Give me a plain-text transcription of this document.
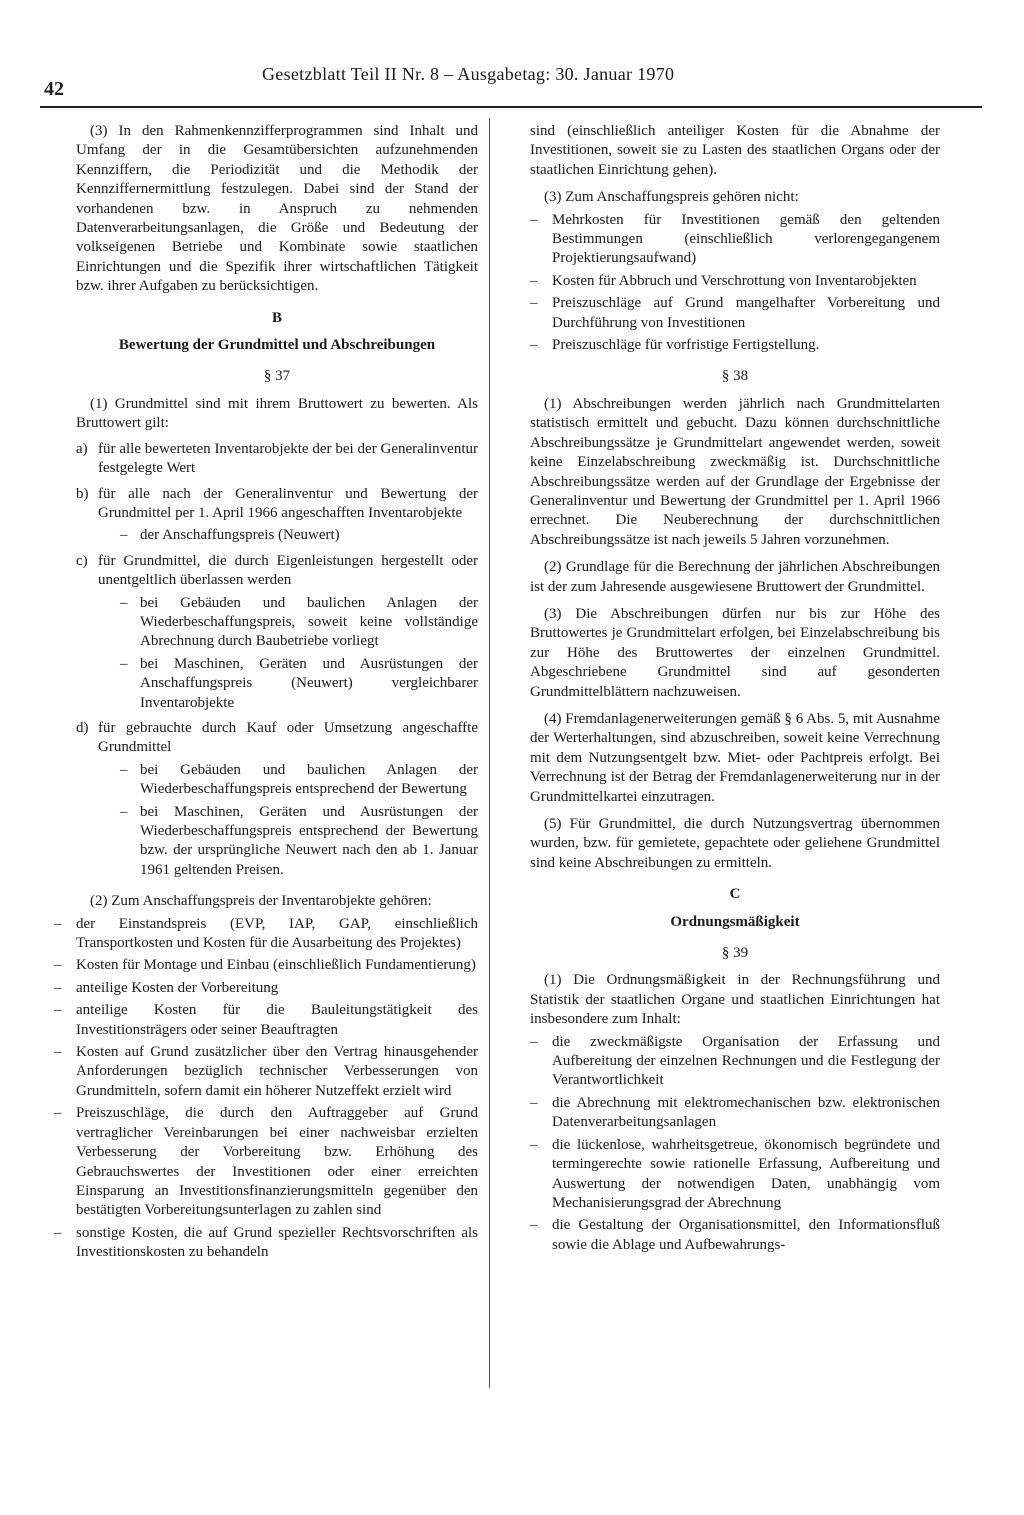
42
Gesetzblatt Teil II Nr. 8 – Ausgabetag: 30. Januar 1970

(3) In den Rahmenkennzifferprogrammen sind Inhalt und Umfang der in die Gesamtübersichten aufzunehmenden Kennziffern, die Periodizität und die Methodik der Kennziffernermittlung festzulegen. Dabei sind der Stand der vorhandenen bzw. in Anspruch zu nehmenden Datenverarbeitungsanlagen, die Größe und Bedeutung der volkseigenen Betriebe und Kombinate sowie staatlichen Einrichtungen und die Spezifik ihrer wirtschaftlichen Tätigkeit bzw. ihrer Aufgaben zu berücksichtigen.

B

Bewertung der Grundmittel und Abschreibungen

§ 37

(1) Grundmittel sind mit ihrem Bruttowert zu bewerten. Als Bruttowert gilt:

a) für alle bewerteten Inventarobjekte der bei der Generalinventur festgelegte Wert
b) für alle nach der Generalinventur und Bewertung der Grundmittel per 1. April 1966 angeschafften Inventarobjekte
– der Anschaffungspreis (Neuwert)
c) für Grundmittel, die durch Eigenleistungen hergestellt oder unentgeltlich überlassen werden
– bei Gebäuden und baulichen Anlagen der Wiederbeschaffungspreis, soweit keine vollständige Abrechnung durch Baubetriebe vorliegt
– bei Maschinen, Geräten und Ausrüstungen der Anschaffungspreis (Neuwert) vergleichbarer Inventarobjekte
d) für gebrauchte durch Kauf oder Umsetzung angeschaffte Grundmittel
– bei Gebäuden und baulichen Anlagen der Wiederbeschaffungspreis entsprechend der Bewertung
– bei Maschinen, Geräten und Ausrüstungen der Wiederbeschaffungspreis entsprechend der Bewertung bzw. der ursprüngliche Neuwert nach den ab 1. Januar 1961 geltenden Preisen.

(2) Zum Anschaffungspreis der Inventarobjekte gehören:

– der Einstandspreis (EVP, IAP, GAP, einschließlich Transportkosten und Kosten für die Ausarbeitung des Projektes)
– Kosten für Montage und Einbau (einschließlich Fundamentierung)
– anteilige Kosten der Vorbereitung
– anteilige Kosten für die Bauleitungstätigkeit des Investitionsträgers oder seiner Beauftragten
– Kosten auf Grund zusätzlicher über den Vertrag hinausgehender Anforderungen bezüglich technischer Verbesserungen von Grundmitteln, sofern damit ein höherer Nutzeffekt erzielt wird
– Preiszuschläge, die durch den Auftraggeber auf Grund vertraglicher Vereinbarungen bei einer nachweisbar erzielten Verbesserung der Vorbereitung bzw. Erhöhung des Gebrauchswertes der Investitionen oder einer erreichten Einsparung an Investitionsfinanzierungsmitteln gegenüber den bestätigten Vorbereitungsunterlagen zu zahlen sind
– sonstige Kosten, die auf Grund spezieller Rechtsvorschriften als Investitionskosten zu behandeln

sind (einschließlich anteiliger Kosten für die Abnahme der Investitionen, soweit sie zu Lasten des staatlichen Organs oder der staatlichen Einrichtung gehen).

(3) Zum Anschaffungspreis gehören nicht:

– Mehrkosten für Investitionen gemäß den geltenden Bestimmungen (einschließlich verlorengegangenem Projektierungsaufwand)
– Kosten für Abbruch und Verschrottung von Inventarobjekten
– Preiszuschläge auf Grund mangelhafter Vorbereitung und Durchführung von Investitionen
– Preiszuschläge für vorfristige Fertigstellung.

§ 38

(1) Abschreibungen werden jährlich nach Grundmittelarten statistisch ermittelt und gebucht. Dazu können durchschnittliche Abschreibungssätze je Grundmittelart angewendet werden, soweit keine Einzelabschreibung zweckmäßig ist. Durchschnittliche Abschreibungssätze werden auf der Grundlage der Ergebnisse der Generalinventur und Bewertung der Grundmittel per 1. April 1966 errechnet. Die Neuberechnung der durchschnittlichen Abschreibungssätze ist nach jeweils 5 Jahren vorzunehmen.

(2) Grundlage für die Berechnung der jährlichen Abschreibungen ist der zum Jahresende ausgewiesene Bruttowert der Grundmittel.

(3) Die Abschreibungen dürfen nur bis zur Höhe des Bruttowertes je Grundmittelart erfolgen, bei Einzelabschreibung bis zur Höhe des Bruttowertes der einzelnen Grundmittel. Abgeschriebene Grundmittel sind auf gesonderten Grundmittelblättern nachzuweisen.

(4) Fremdanlagenerweiterungen gemäß § 6 Abs. 5, mit Ausnahme der Werterhaltungen, sind abzuschreiben, soweit keine Verrechnung mit dem Nutzungsentgelt bzw. Miet- oder Pachtpreis erfolgt. Bei Verrechnung ist der Betrag der Fremdanlagenerweiterung nur in der Grundmittelkartei einzutragen.

(5) Für Grundmittel, die durch Nutzungsvertrag übernommen wurden, bzw. für gemietete, gepachtete oder geliehene Grundmittel sind keine Abschreibungen zu ermitteln.

C

Ordnungsmäßigkeit

§ 39

(1) Die Ordnungsmäßigkeit in der Rechnungsführung und Statistik der staatlichen Organe und staatlichen Einrichtungen hat insbesondere zum Inhalt:

– die zweckmäßigste Organisation der Erfassung und Aufbereitung der einzelnen Rechnungen und die Festlegung der Verantwortlichkeit
– die Abrechnung mit elektromechanischen bzw. elektronischen Datenverarbeitungsanlagen
– die lückenlose, wahrheitsgetreue, ökonomisch begründete und termingerechte sowie rationelle Erfassung, Aufbereitung und Auswertung der notwendigen Daten, unabhängig vom Mechanisierungsgrad der Abrechnung
– die Gestaltung der Organisationsmittel, den Informationsfluß sowie die Ablage und Aufbewahrungs-
